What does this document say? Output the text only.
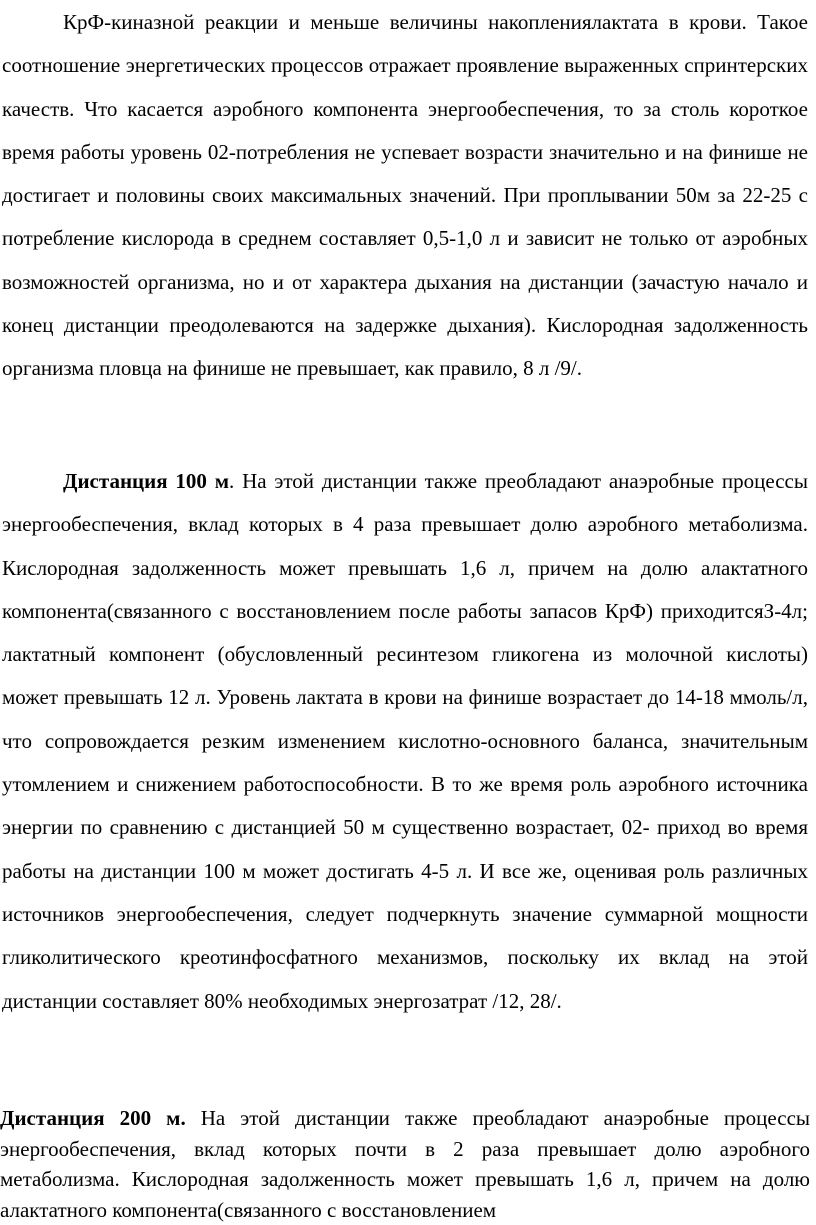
КрФ-киназной реакции и меньше величины накоплениялактата в крови. Такое соотношение энергетических процессов отражает проявление выраженных спринтерских качеств. Что касается аэробного компонента энергообеспечения, то за столь короткое время работы уровень 02-потребления не успевает возрасти значительно и на финише не достигает и половины своих максимальных значений. При проплывании 50м за 22-25 с потребление кислорода в среднем составляет 0,5-1,0 л и зависит не только от аэробных возможностей организма, но и от характера дыхания на дистанции (зачастую начало и конец дистанции преодолеваются на задержке дыхания). Кислородная задолженность организма пловца на финише не превышает, как правило, 8 л /9/.

Дистанция 100 м. На этой дистанции также преобладают анаэробные процессы энергообеспечения, вклад которых в 4 раза превышает долю аэробного метаболизма. Кислородная задолженность может превышать 1,6 л, причем на долю алактатного компонента(связанного с восстановлением после работы запасов КрФ) приходитсяЗ-4л; лактатный компонент (обусловленный ресинтезом гликогена из молочной кислоты) может превышать 12 л. Уровень лактата в крови на финише возрастает до 14-18 ммоль/л, что сопровождается резким изменением кислотно-основного баланса, значительным утомлением и снижением работоспособности. В то же время роль аэробного источника энергии по сравнению с дистанцией 50 м существенно возрастает, 02- приход во время работы на дистанции 100 м может достигать 4-5 л. И все же, оценивая роль различных источников энергообеспечения, следует подчеркнуть значение суммарной мощности гликолитического креотинфосфатного механизмов, поскольку их вклад на этой дистанции составляет 80% необходимых энергозатрат /12, 28/.

Дистанция 200 м. На этой дистанции также преобладают анаэробные процессы энергообеспечения, вклад которых почти в 2 раза превышает долю аэробного метаболизма. Кислородная задолженность может превышать 1,6 л, причем на долю алактатного компонента(связанного с восстановлением
